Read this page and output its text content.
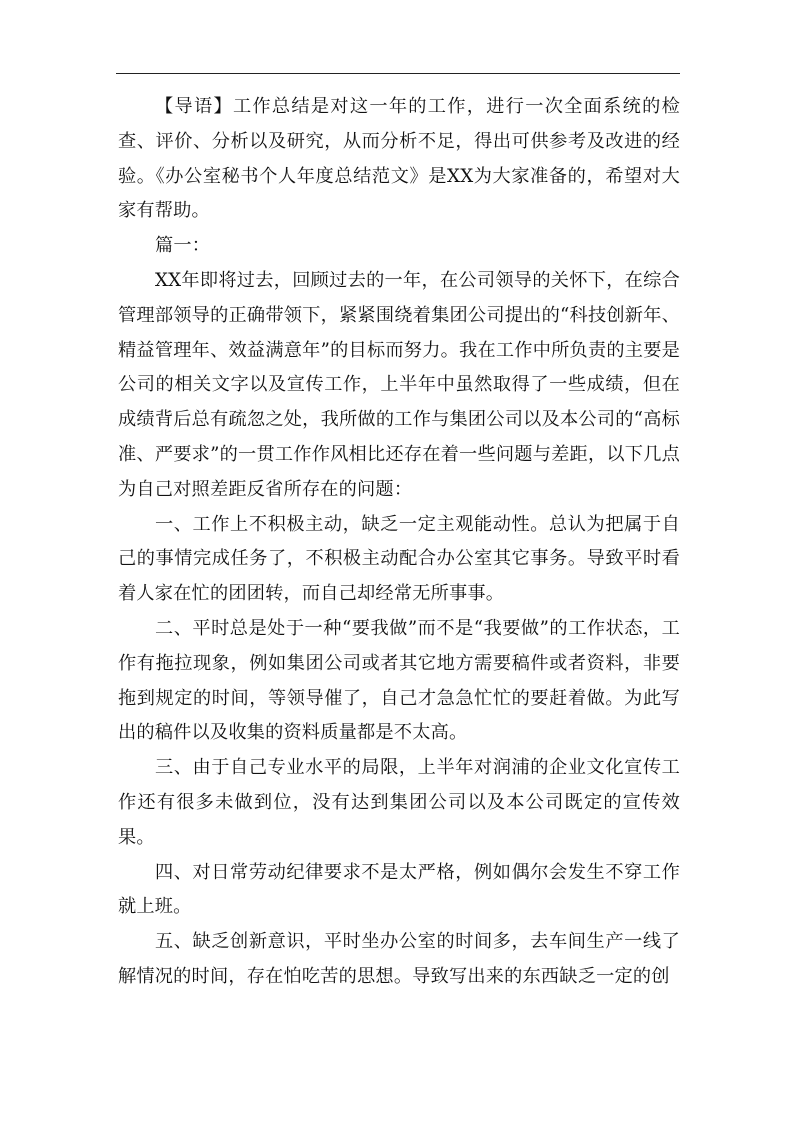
【导语】工作总结是对这一年的工作，进行一次全面系统的检查、评价、分析以及研究，从而分析不足，得出可供参考及改进的经验。《办公室秘书个人年度总结范文》是XX为大家准备的，希望对大家有帮助。

篇一：

XX年即将过去，回顾过去的一年，在公司领导的关怀下，在综合管理部领导的正确带领下，紧紧围绕着集团公司提出的“科技创新年、精益管理年、效益满意年”的目标而努力。我在工作中所负责的主要是公司的相关文字以及宣传工作，上半年中虽然取得了一些成绩，但在成绩背后总有疏忽之处，我所做的工作与集团公司以及本公司的“高标准、严要求”的一贯工作作风相比还存在着一些问题与差距，以下几点为自己对照差距反省所存在的问题：

一、工作上不积极主动，缺乏一定主观能动性。总认为把属于自己的事情完成任务了，不积极主动配合办公室其它事务。导致平时看着人家在忙的团团转，而自己却经常无所事事。

二、平时总是处于一种“要我做”而不是“我要做”的工作状态，工作有拖拉现象，例如集团公司或者其它地方需要稿件或者资料，非要拖到规定的时间，等领导催了，自己才急急忙忙的要赶着做。为此写出的稿件以及收集的资料质量都是不太高。

三、由于自己专业水平的局限，上半年对润浦的企业文化宣传工作还有很多未做到位，没有达到集团公司以及本公司既定的宣传效果。

四、对日常劳动纪律要求不是太严格，例如偶尔会发生不穿工作就上班。

五、缺乏创新意识，平时坐办公室的时间多，去车间生产一线了解情况的时间，存在怕吃苦的思想。导致写出来的东西缺乏一定的创
